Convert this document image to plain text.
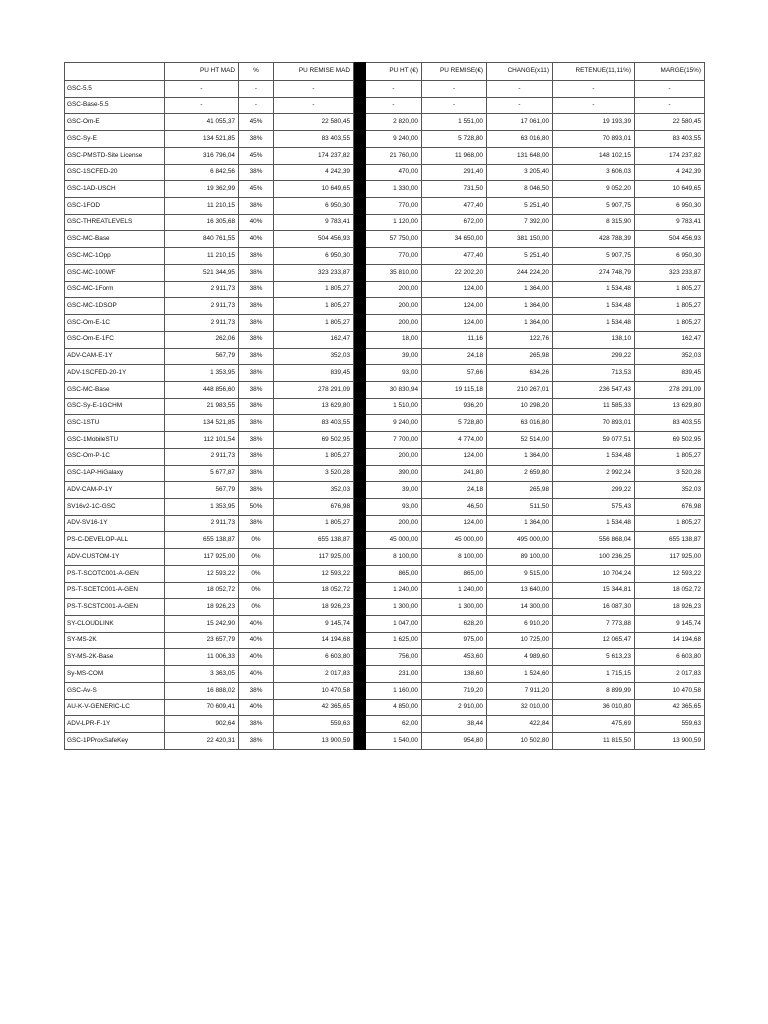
	PU HT MAD	%	PU REMISE MAD		PU HT (€)	PU REMISE(€)	CHANGE(x11)	RETENUE(11,11%)	MARGE(15%)
GSC-5.5	-	-	-		-	-	-	-	-
GSC-Base-5.5	-	-	-		-	-	-	-	-
GSC-Om-E	41 055,37	45%	22 580,45		2 820,00	1 551,00	17 061,00	19 193,39	22 580,45
GSC-Sy-E	134 521,85	38%	83 403,55		9 240,00	5 728,80	63 016,80	70 893,01	83 403,55
GSC-PMSTD-Site License	316 796,04	45%	174 237,82		21 760,00	11 968,00	131 648,00	148 102,15	174 237,82
GSC-1SCFED-20	6 842,56	38%	4 242,39		470,00	291,40	3 205,40	3 606,03	4 242,39
GSC-1AD-USCH	19 362,99	45%	10 649,65		1 330,00	731,50	8 046,50	9 052,20	10 649,65
GSC-1FOD	11 210,15	38%	6 950,30		770,00	477,40	5 251,40	5 907,75	6 950,30
GSC-THREATLEVELS	16 305,68	40%	9 783,41		1 120,00	672,00	7 392,00	8 315,90	9 783,41
GSC-MC-Base	840 761,55	40%	504 456,93		57 750,00	34 650,00	381 150,00	428 788,39	504 456,93
GSC-MC-1Opp	11 210,15	38%	6 950,30		770,00	477,40	5 251,40	5 907,75	6 950,30
GSC-MC-100WF	521 344,95	38%	323 233,87		35 810,00	22 202,20	244 224,20	274 748,79	323 233,87
GSC-MC-1Form	2 911,73	38%	1 805,27		200,00	124,00	1 364,00	1 534,48	1 805,27
GSC-MC-1DSOP	2 911,73	38%	1 805,27		200,00	124,00	1 364,00	1 534,48	1 805,27
GSC-Om-E-1C	2 911,73	38%	1 805,27		200,00	124,00	1 364,00	1 534,48	1 805,27
GSC-Om-E-1FC	262,06	38%	162,47		18,00	11,16	122,76	138,10	162,47
ADV-CAM-E-1Y	567,79	38%	352,03		39,00	24,18	265,98	299,22	352,03
ADV-1SCFED-20-1Y	1 353,95	38%	839,45		93,00	57,66	634,26	713,53	839,45
GSC-MC-Base	448 856,60	38%	278 291,09		30 830,94	19 115,18	210 267,01	236 547,43	278 291,09
GSC-Sy-E-1GCHM	21 983,55	38%	13 629,80		1 510,00	936,20	10 298,20	11 585,33	13 629,80
GSC-1STU	134 521,85	38%	83 403,55		9 240,00	5 728,80	63 016,80	70 893,01	83 403,55
GSC-1MobileSTU	112 101,54	38%	69 502,95		7 700,00	4 774,00	52 514,00	59 077,51	69 502,95
GSC-Om-P-1C	2 911,73	38%	1 805,27		200,00	124,00	1 364,00	1 534,48	1 805,27
GSC-1AP-HiGalaxy	5 677,87	38%	3 520,28		390,00	241,80	2 659,80	2 992,24	3 520,28
ADV-CAM-P-1Y	567,79	38%	352,03		39,00	24,18	265,98	299,22	352,03
SV16v2-1C-GSC	1 353,95	50%	676,98		93,00	46,50	511,50	575,43	676,98
ADV-SV16-1Y	2 911,73	38%	1 805,27		200,00	124,00	1 364,00	1 534,48	1 805,27
PS-C-DEVELOP-ALL	655 138,87	0%	655 138,87		45 000,00	45 000,00	495 000,00	556 868,04	655 138,87
ADV-CUSTOM-1Y	117 925,00	0%	117 925,00		8 100,00	8 100,00	89 100,00	100 236,25	117 925,00
PS-T-SCOTC001-A-GEN	12 593,22	0%	12 593,22		865,00	865,00	9 515,00	10 704,24	12 593,22
PS-T-SCETC001-A-GEN	18 052,72	0%	18 052,72		1 240,00	1 240,00	13 640,00	15 344,81	18 052,72
PS-T-SCSTC001-A-GEN	18 926,23	0%	18 926,23		1 300,00	1 300,00	14 300,00	16 087,30	18 926,23
SY-CLOUDLINK	15 242,90	40%	9 145,74		1 047,00	628,20	6 910,20	7 773,88	9 145,74
SY-MS-2K	23 657,79	40%	14 194,68		1 625,00	975,00	10 725,00	12 065,47	14 194,68
SY-MS-2K-Base	11 006,33	40%	6 603,80		756,00	453,60	4 989,60	5 613,23	6 603,80
Sy-MS-COM	3 363,05	40%	2 017,83		231,00	138,60	1 524,60	1 715,15	2 017,83
GSC-Av-S	16 888,02	38%	10 470,58		1 160,00	719,20	7 911,20	8 899,99	10 470,58
AU-K-V-GENERIC-LC	70 609,41	40%	42 365,65		4 850,00	2 910,00	32 010,00	36 010,80	42 365,65
ADV-LPR-F-1Y	902,64	38%	559,63		62,00	38,44	422,84	475,69	559,63
GSC-1PProxSafeKey	22 420,31	38%	13 900,59		1 540,00	954,80	10 502,80	11 815,50	13 900,59
